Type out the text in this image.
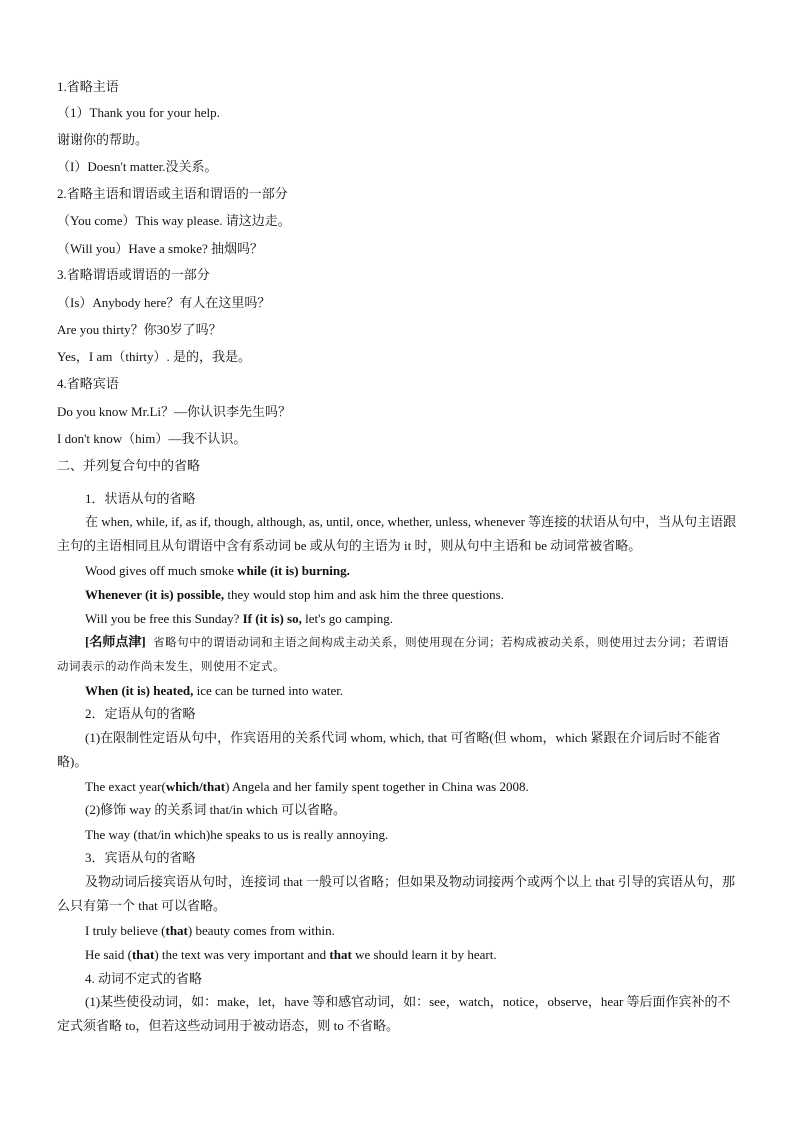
1.省略主语
（1）Thank you for your help.
谢谢你的帮助。
（I）Doesn't matter.没关系。
2.省略主语和谓语或主语和谓语的一部分
（You come）This way please. 请这边走。
（Will you）Have a smoke? 抽烟吗？
3.省略谓语或谓语的一部分
（Is）Anybody here？有人在这里吗？
Are you thirty？你30岁了吗？
Yes，I am（thirty）. 是的，我是。
4.省略宾语
Do you know Mr.Li？—你认识李先生吗？
I don't know（him）—我不认识。
二、并列复合句中的省略
1．状语从句的省略
在 when, while, if, as if, though, although, as, until, once, whether, unless, whenever 等连接的状语从句中，当从句主语跟主句的主语相同且从句谓语中含有系动词 be 或从句的主语为 it 时，则从句中主语和 be 动词常被省略。
Wood gives off much smoke while (it is) burning.
Whenever (it is) possible, they would stop him and ask him the three questions.
Will you be free this Sunday? If (it is) so, let's go camping.
[名师点津] 省略句中的谓语动词和主语之间构成主动关系，则使用现在分词；若构成被动关系，则使用过去分词；若谓语动词表示的动作尚未发生，则使用不定式。
When (it is) heated, ice can be turned into water.
2．定语从句的省略
(1)在限制性定语从句中，作宾语用的关系代词 whom, which, that 可省略(但 whom，which 紧跟在介词后时不能省略)。
The exact year(which/that) Angela and her family spent together in China was 2008.
(2)修饰 way 的关系词 that/in which 可以省略。
The way (that/in which)he speaks to us is really annoying.
3．宾语从句的省略
及物动词后接宾语从句时，连接词 that 一般可以省略；但如果及物动词接两个或两个以上 that 引导的宾语从句，那么只有第一个 that 可以省略。
I truly believe (that) beauty comes from within.
He said (that) the text was very important and that we should learn it by heart.
4. 动词不定式的省略
(1)某些使役动词，如：make，let，have 等和感官动词，如：see，watch，notice，observe，hear 等后面作宾补的不定式须省略 to，但若这些动词用于被动语态，则 to 不省略。
